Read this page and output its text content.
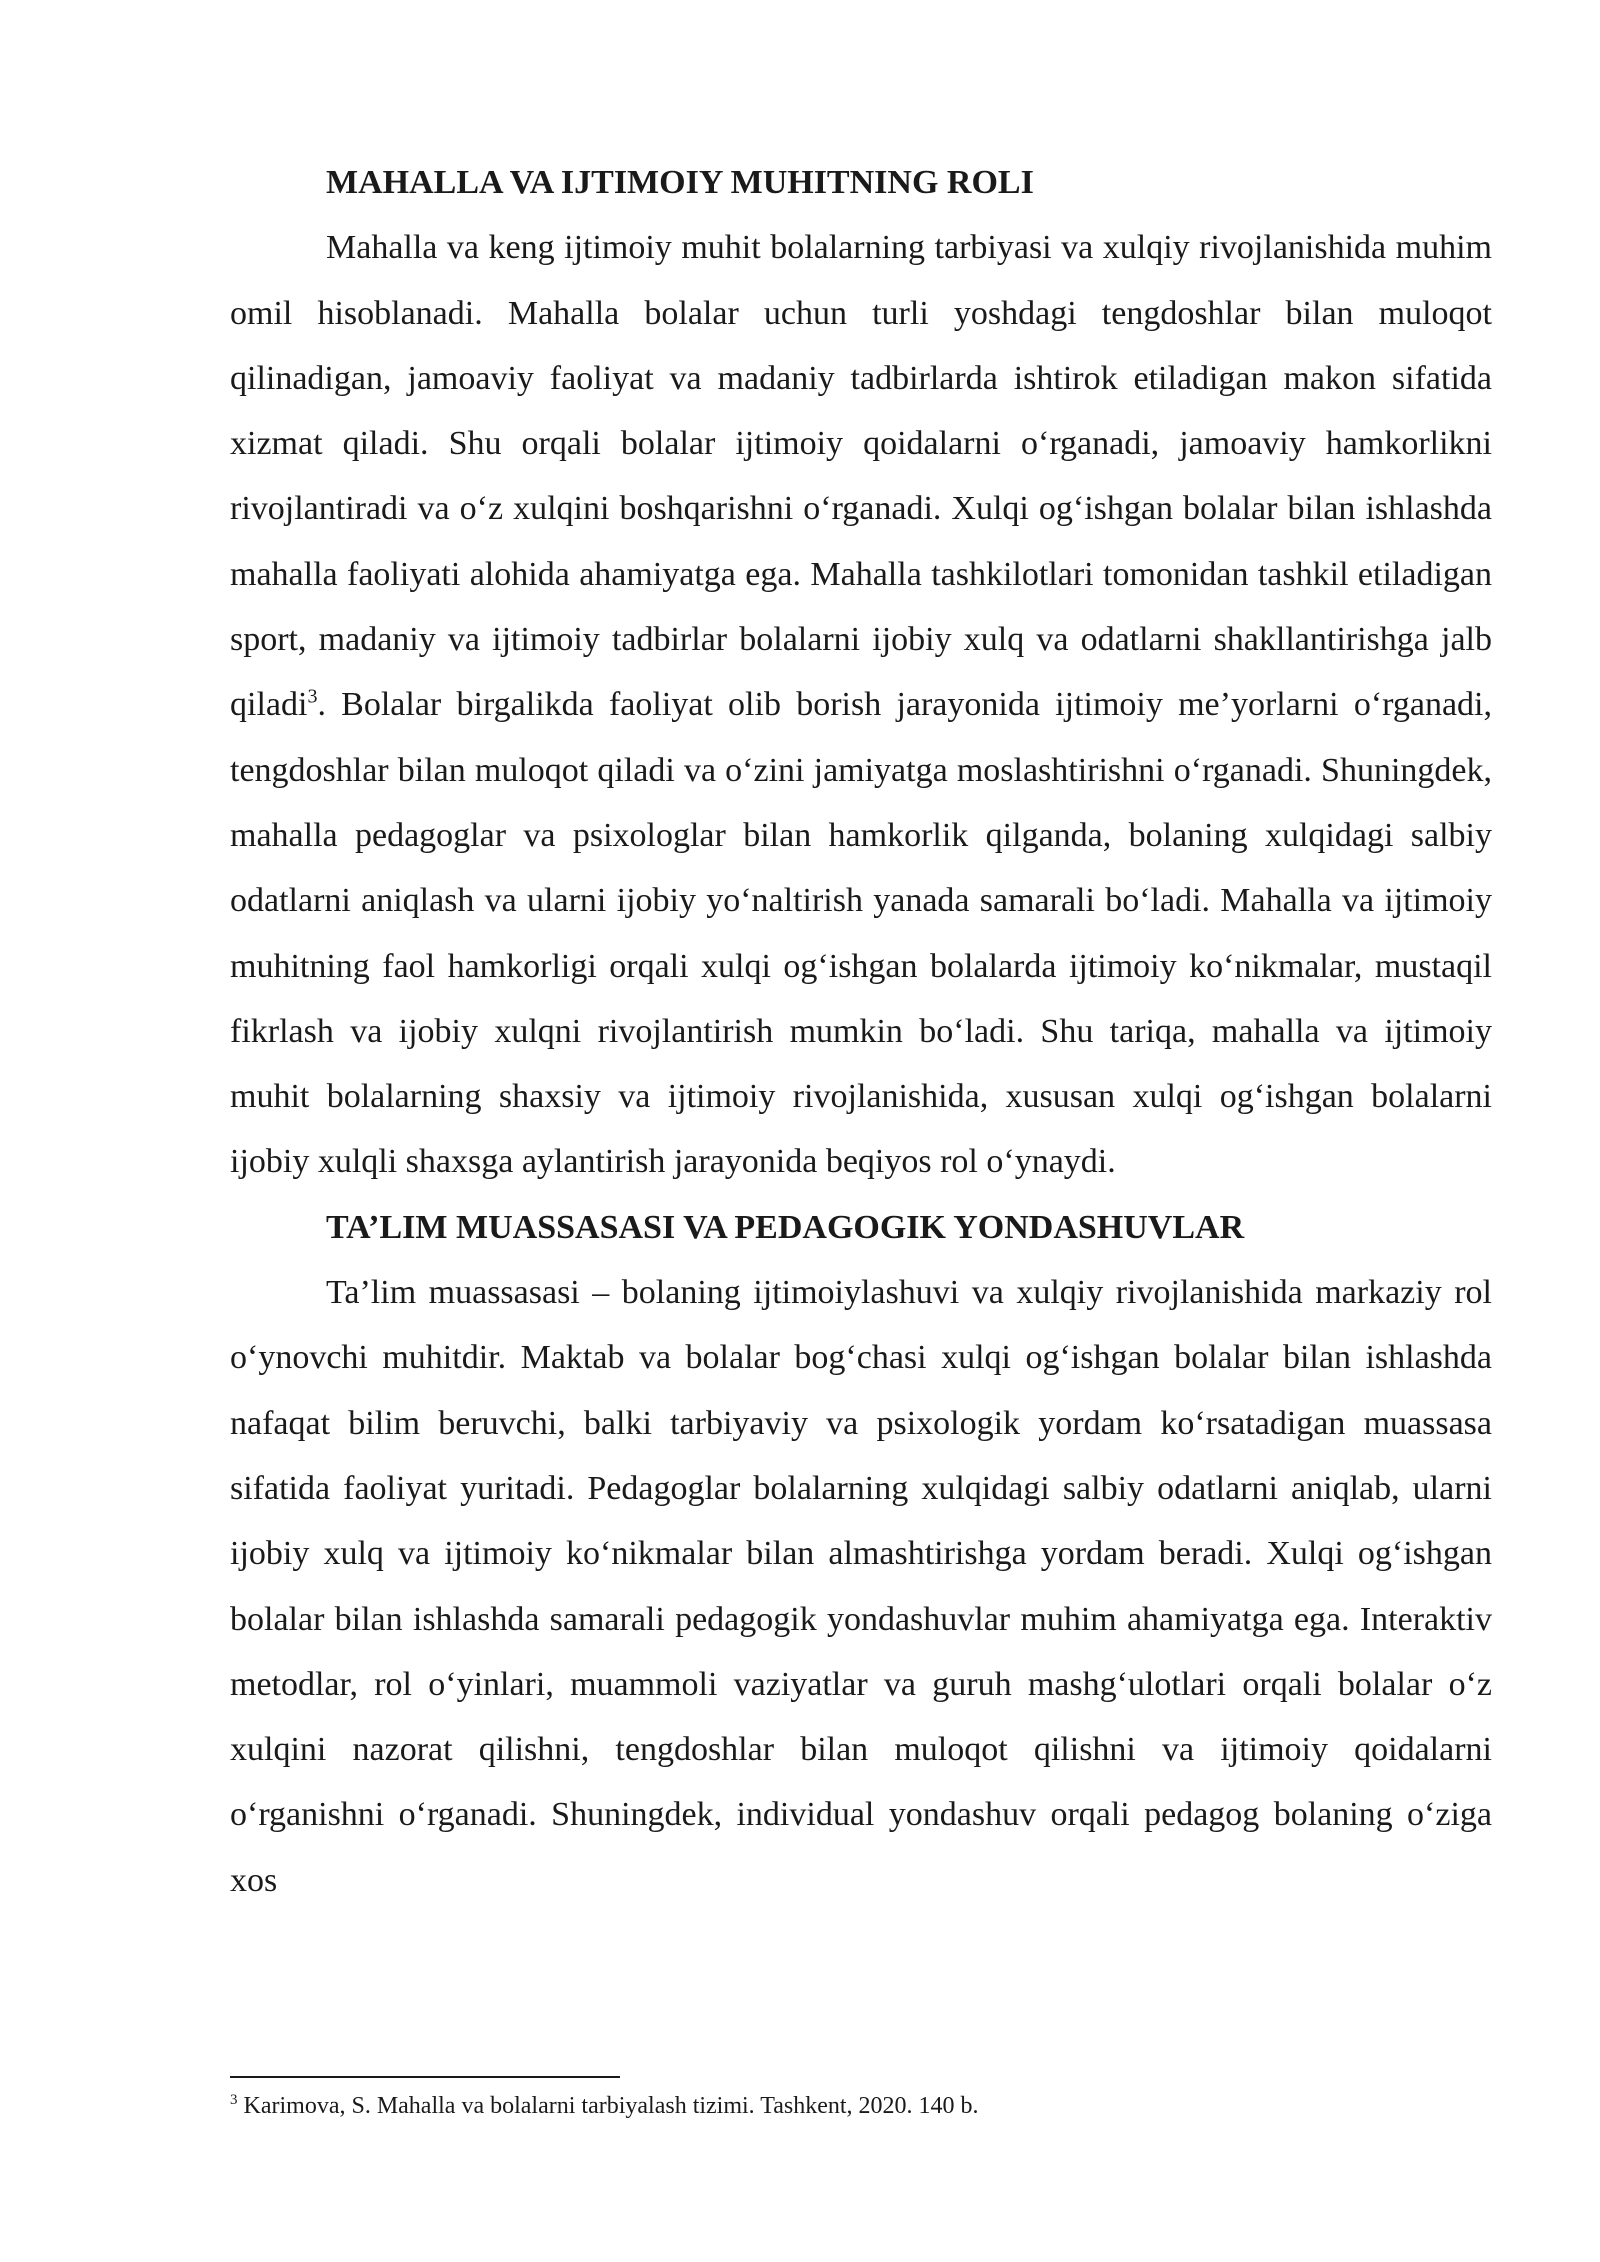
MAHALLA VA IJTIMOIY MUHITNING ROLI

Mahalla va keng ijtimoiy muhit bolalarning tarbiyasi va xulqiy rivojlanishida muhim omil hisoblanadi. Mahalla bolalar uchun turli yoshdagi tengdoshlar bilan muloqot qilinadigan, jamoaviy faoliyat va madaniy tadbirlarda ishtirok etiladigan makon sifatida xizmat qiladi. Shu orqali bolalar ijtimoiy qoidalarni o‘rganadi, jamoaviy hamkorlikni rivojlantiradi va o‘z xulqini boshqarishni o‘rganadi. Xulqi og‘ishgan bolalar bilan ishlashda mahalla faoliyati alohida ahamiyatga ega. Mahalla tashkilotlari tomonidan tashkil etiladigan sport, madaniy va ijtimoiy tadbirlar bolalarni ijobiy xulq va odatlarni shakllantirishga jalb qiladi$^3$. Bolalar birgalikda faoliyat olib borish jarayonida ijtimoiy me’yorlarni o‘rganadi, tengdoshlar bilan muloqot qiladi va o‘zini jamiyatga moslashtirishni o‘rganadi. Shuningdek, mahalla pedagoglar va psixologlar bilan hamkorlik qilganda, bolaning xulqidagi salbiy odatlarni aniqlash va ularni ijobiy yo‘naltirish yanada samarali bo‘ladi. Mahalla va ijtimoiy muhitning faol hamkorligi orqali xulqi og‘ishgan bolalarda ijtimoiy ko‘nikmalar, mustaqil fikrlash va ijobiy xulqni rivojlantirish mumkin bo‘ladi. Shu tariqa, mahalla va ijtimoiy muhit bolalarning shaxsiy va ijtimoiy rivojlanishida, xususan xulqi og‘ishgan bolalarni ijobiy xulqli shaxsga aylantirish jarayonida beqiyos rol o‘ynaydi.

TA’LIM MUASSASASI VA PEDAGOGIK YONDASHUVLAR

Ta’lim muassasasi – bolaning ijtimoiylashuvi va xulqiy rivojlanishida markaziy rol o‘ynovchi muhitdir. Maktab va bolalar bog‘chasi xulqi og‘ishgan bolalar bilan ishlashda nafaqat bilim beruvchi, balki tarbiyaviy va psixologik yordam ko‘rsatadigan muassasa sifatida faoliyat yuritadi. Pedagoglar bolalarning xulqidagi salbiy odatlarni aniqlab, ularni ijobiy xulq va ijtimoiy ko‘nikmalar bilan almashtirishga yordam beradi. Xulqi og‘ishgan bolalar bilan ishlashda samarali pedagogik yondashuvlar muhim ahamiyatga ega. Interaktiv metodlar, rol o‘yinlari, muammoli vaziyatlar va guruh mashg‘ulotlari orqali bolalar o‘z xulqini nazorat qilishni, tengdoshlar bilan muloqot qilishni va ijtimoiy qoidalarni o‘rganishni o‘rganadi. Shuningdek, individual yondashuv orqali pedagog bolaning o‘ziga xos

$^3$ Karimova, S. Mahalla va bolalarni tarbiyalash tizimi. Tashkent, 2020. 140 b.
